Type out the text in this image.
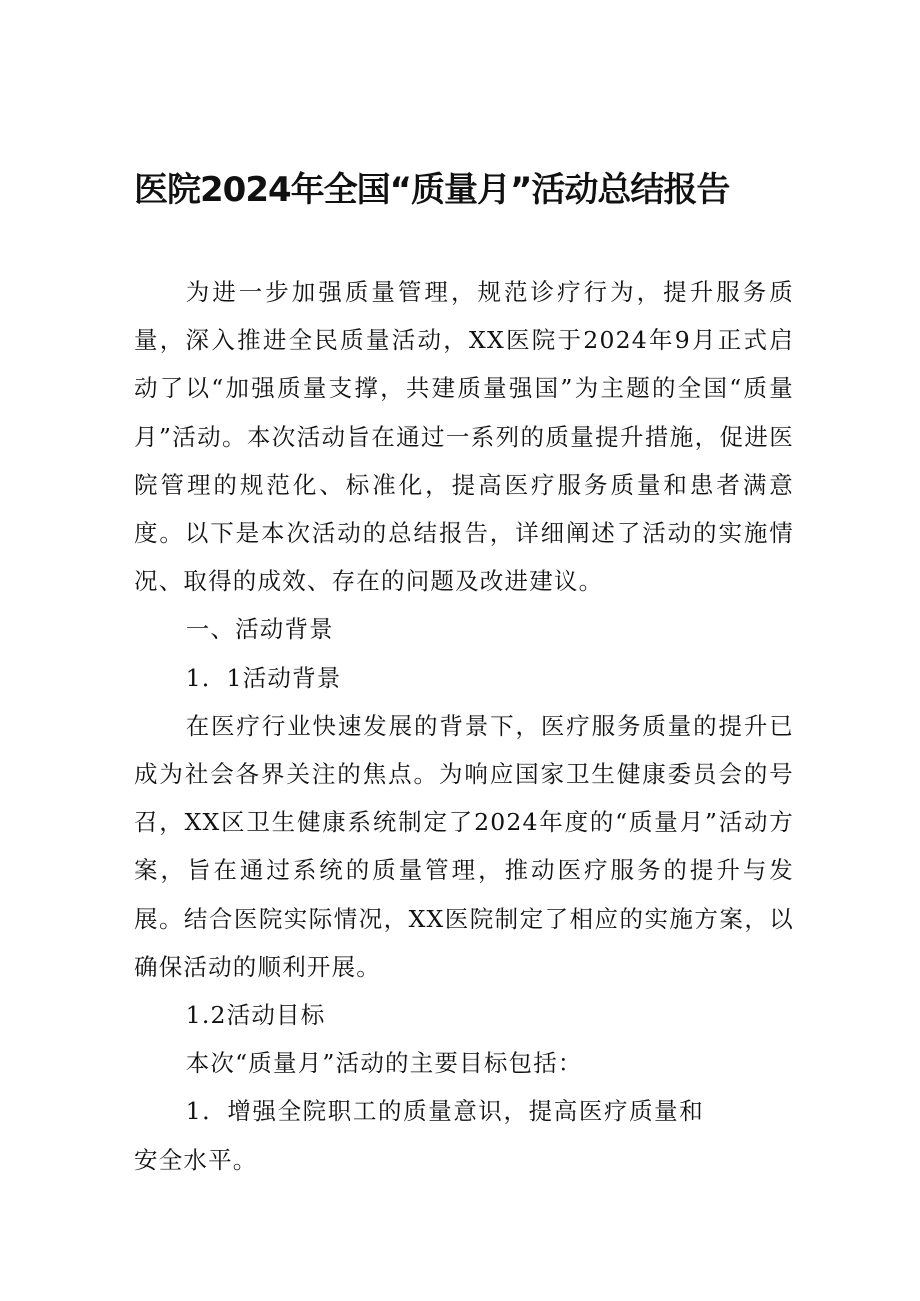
医院2024年全国“质量月”活动总结报告

为进一步加强质量管理，规范诊疗行为，提升服务质量，深入推进全民质量活动，XX医院于2024年9月正式启动了以“加强质量支撑，共建质量强国”为主题的全国“质量月”活动。本次活动旨在通过一系列的质量提升措施，促进医院管理的规范化、标准化，提高医疗服务质量和患者满意度。以下是本次活动的总结报告，详细阐述了活动的实施情况、取得的成效、存在的问题及改进建议。

一、活动背景

1．1活动背景

在医疗行业快速发展的背景下，医疗服务质量的提升已成为社会各界关注的焦点。为响应国家卫生健康委员会的号召，XX区卫生健康系统制定了2024年度的“质量月”活动方案，旨在通过系统的质量管理，推动医疗服务的提升与发展。结合医院实际情况，XX医院制定了相应的实施方案，以确保活动的顺利开展。

1.2活动目标

本次“质量月”活动的主要目标包括：

1．增强全院职工的质量意识，提高医疗质量和安全水平。
